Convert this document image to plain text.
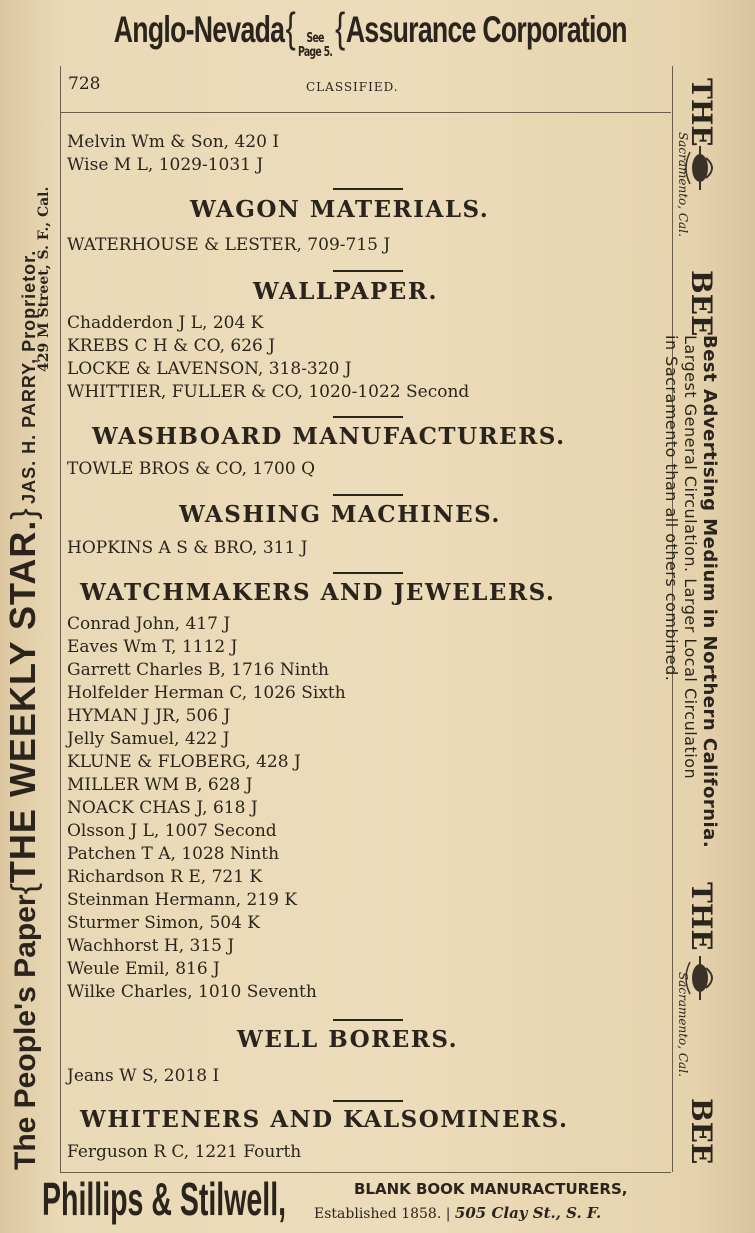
Anglo-Nevada{ See
Page 5.
{Assurance Corporation
728	CLASSIFIED.
Melvin Wm & Son, 420 I
Wise M L, 1029-1031 J
WAGON MATERIALS.
WATERHOUSE & LESTER, 709-715 J
WALLPAPER.
Chadderdon J L, 204 K
KREBS C H & CO, 626 J
LOCKE & LAVENSON, 318-320 J
WHITTIER, FULLER & CO, 1020-1022 Second
WASHBOARD MANUFACTURERS.
TOWLE BROS & CO, 1700 Q
WASHING MACHINES.
HOPKINS A S & BRO, 311 J
WATCHMAKERS AND JEWELERS.
Conrad John, 417 J
Eaves Wm T, 1112 J
Garrett Charles B, 1716 Ninth
Holfelder Herman C, 1026 Sixth
HYMAN J JR, 506 J
Jelly Samuel, 422 J
KLUNE & FLOBERG, 428 J
MILLER WM B, 628 J
NOACK CHAS J, 618 J
Olsson J L, 1007 Second
Patchen T A, 1028 Ninth
Richardson R E, 721 K
Steinman Hermann, 219 K
Sturmer Simon, 504 K
Wachhorst H, 315 J
Weule Emil, 816 J
Wilke Charles, 1010 Seventh
WELL BORERS.
Jeans W S, 2018 I
WHITENERS AND KALSOMINERS.
Ferguson R C, 1221 Fourth
The People's Paper{THE WEEKLY STAR.} JAS. H. PARRY, Proprietor.
429 M Street, S. F., Cal.
THE
Sacramento, Cal.
BEE
Best Advertising Medium in Northern California.
Largest General Circulation. Larger Local Circulation
in Sacramento than all others combined.
THE
Sacramento, Cal.
BEE
Phillips & Stilwell,	BLANK BOOK MANURACTURERS,
Established 1858. | 505 Clay St., S. F.
